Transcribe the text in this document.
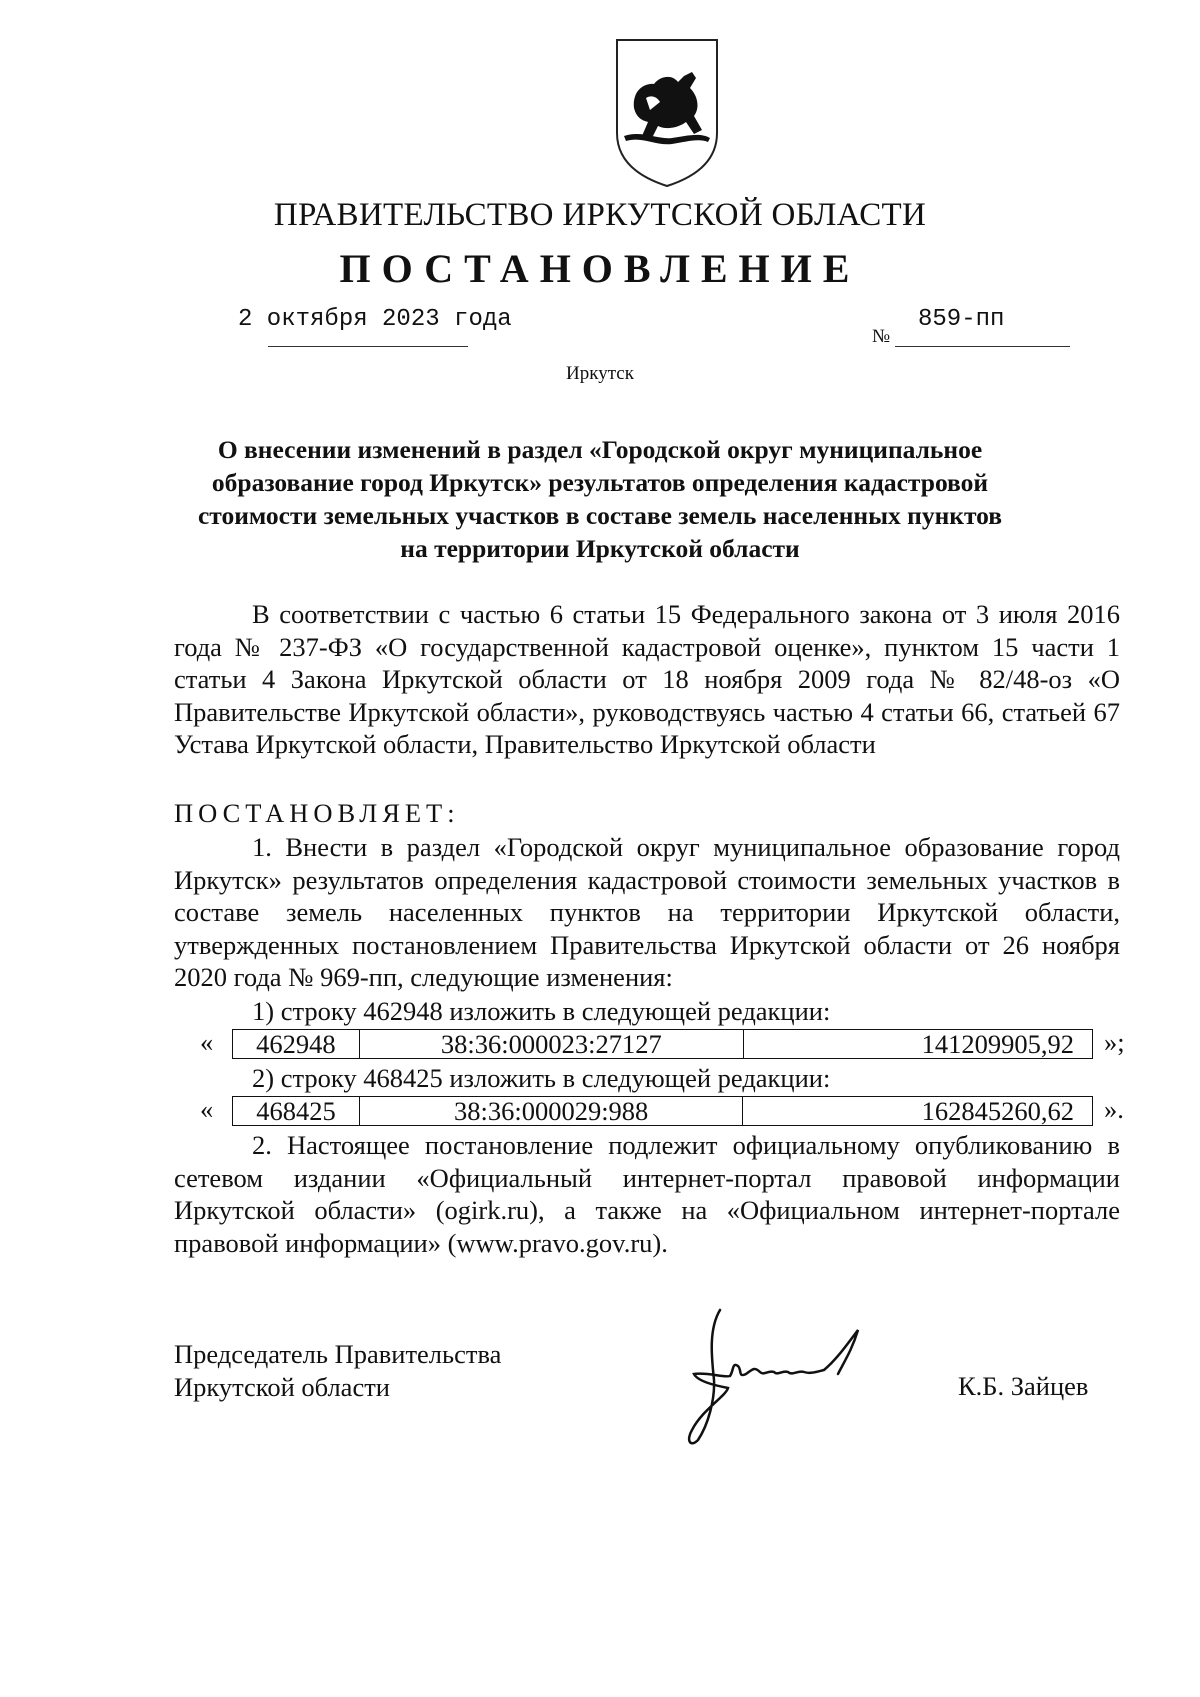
ПРАВИТЕЛЬСТВО ИРКУТСКОЙ ОБЛАСТИ
ПОСТАНОВЛЕНИЕ
2 октября 2023 года
№
859-пп
Иркутск
О внесении изменений в раздел «Городской округ муниципальное образование город Иркутск» результатов определения кадастровой стоимости земельных участков в составе земель населенных пунктов на территории Иркутской области

В соответствии с частью 6 статьи 15 Федерального закона от 3 июля 2016 года № 237-ФЗ «О государственной кадастровой оценке», пунктом 15 части 1 статьи 4 Закона Иркутской области от 18 ноября 2009 года № 82/48-оз «О Правительстве Иркутской области», руководствуясь частью 4 статьи 66, статьей 67 Устава Иркутской области, Правительство Иркутской области

ПОСТАНОВЛЯЕТ:

1. Внести в раздел «Городской округ муниципальное образование город Иркутск» результатов определения кадастровой стоимости земельных участков в составе земель населенных пунктов на территории Иркутской области, утвержденных постановлением Правительства Иркутской области от 26 ноября 2020 года № 969-пп, следующие изменения:

1) строку 462948 изложить в следующей редакции:
« 462948	38:36:000023:27127	141209905,92 »;
2) строку 468425 изложить в следующей редакции:
« 468425	38:36:000029:988	162845260,62 ».

2. Настоящее постановление подлежит официальному опубликованию в сетевом издании «Официальный интернет-портал правовой информации Иркутской области» (ogirk.ru), а также на «Официальном интернет-портале правовой информации» (www.pravo.gov.ru).

Председатель Правительства
Иркутской области	К.Б. Зайцев
